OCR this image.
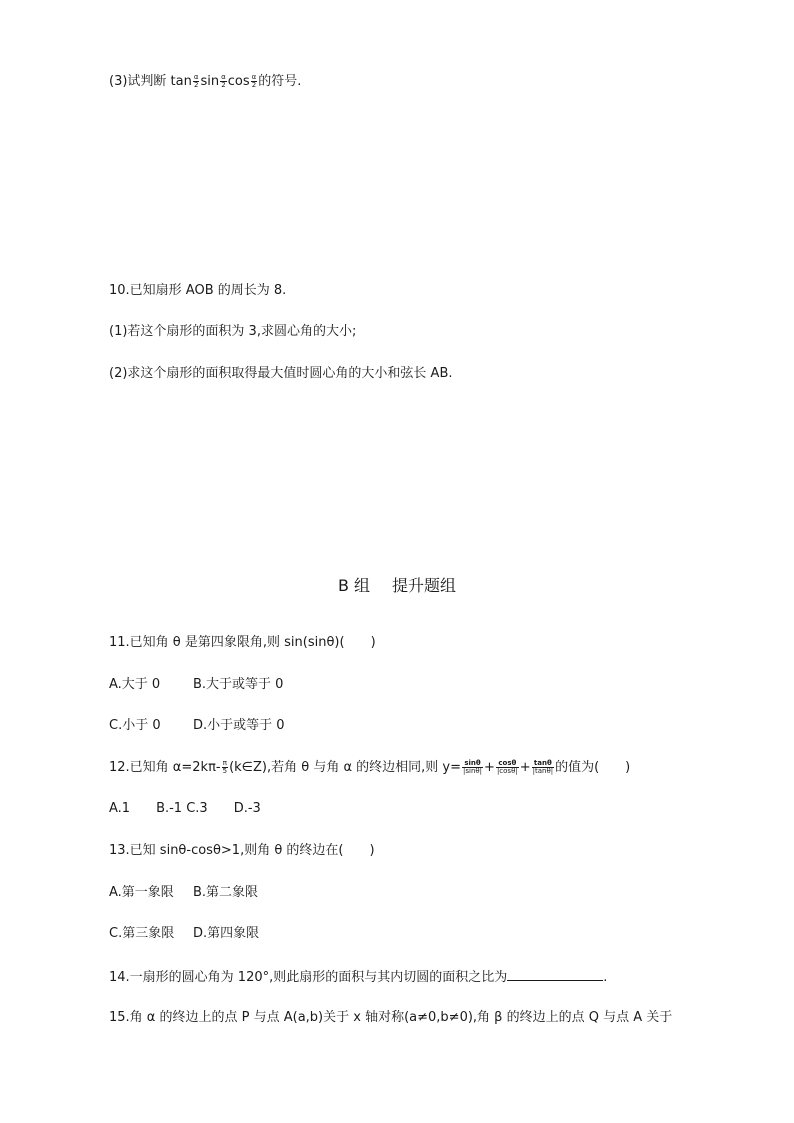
(3)试判断 $\tan \frac{\alpha}{2}$ $\sin \frac{\alpha}{2}$ $\cos \frac{\alpha}{2}$ 的符号.
10.已知扇形 AOB 的周长为 8.
(1)若这个扇形的面积为 3,求圆心角的大小;
(2)求这个扇形的面积取得最大值时圆心角的大小和弦长 AB.
B 组 提升题组
11.已知角 θ 是第四象限角,则 sin(sinθ)(　　)
A.大于 0	B.大于或等于 0
C.小于 0 D.小于或等于 0
12.已知角 $\alpha=2k\pi- \frac{\pi}{5}$ (k∈Z),若角 θ 与角 α 的终边相同,则 $y= \frac{\sin\theta}{|\sin\theta|} + \frac{\cos\theta}{|\cos\theta|} + \frac{\tan\theta}{|\tan\theta|}$ 的值为(　　)
A.1　　B.-1 C.3　　D.-3
13.已知 sinθ-cosθ>1,则角 θ 的终边在(　　)
A.第一象限 B.第二象限
C.第三象限 D.第四象限
14.一扇形的圆心角为 120°,则此扇形的面积与其内切圆的面积之比为	.
15.角 α 的终边上的点 P 与点 A(a,b)关于 x 轴对称(a≠0,b≠0),角 β 的终边上的点 Q 与点 A 关于
